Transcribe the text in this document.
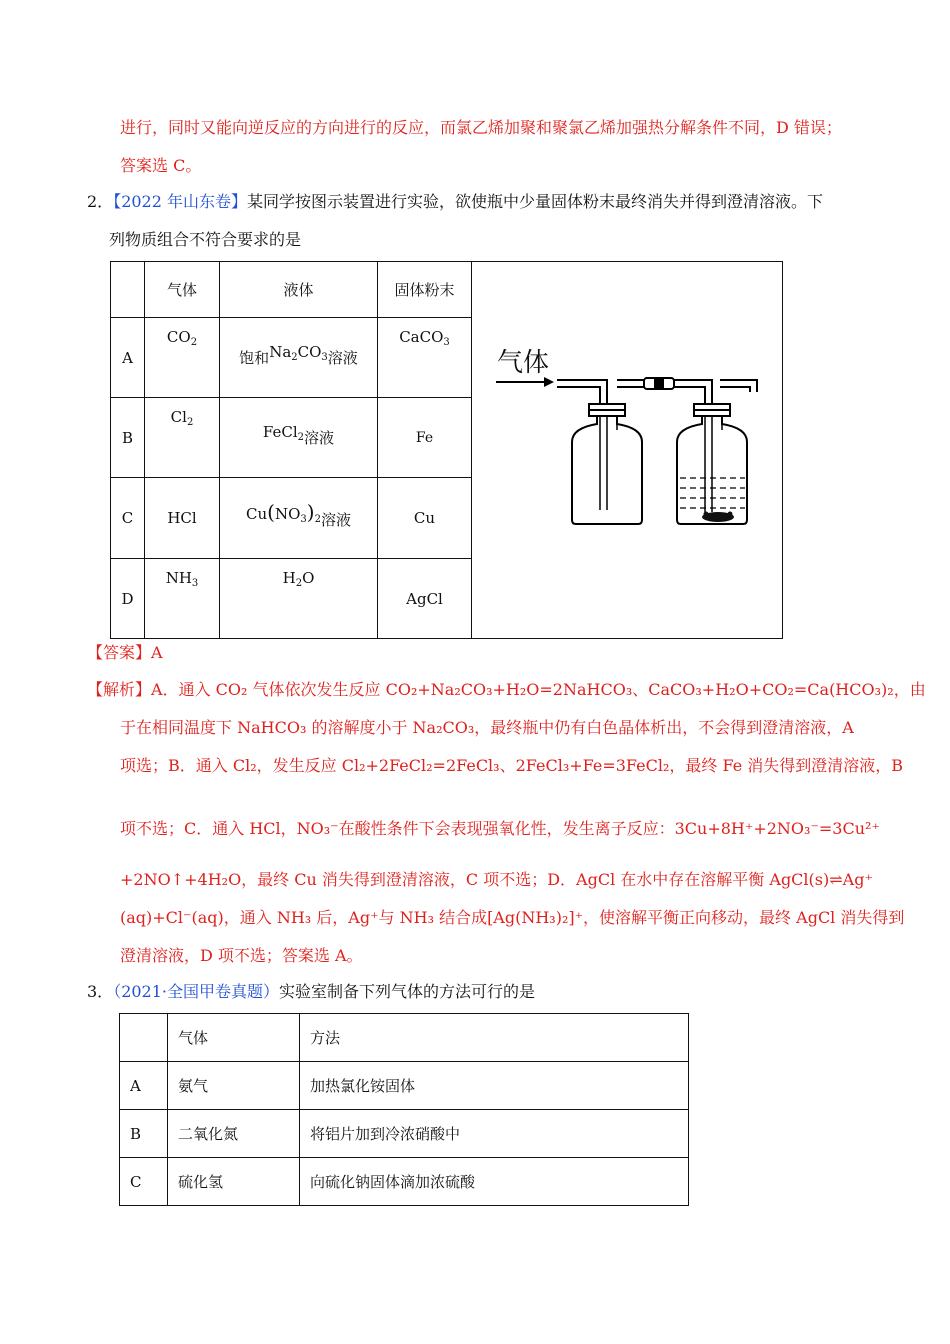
进行，同时又能向逆反应的方向进行的反应，而氯乙烯加聚和聚氯乙烯加强热分解条件不同，D 错误；
答案选 C。
2．【2022 年山东卷】某同学按图示装置进行实验，欲使瓶中少量固体粉末最终消失并得到澄清溶液。下
列物质组合不符合要求的是
	气体	液体	固体粉末	气体

A	$CO_2$	饱和$Na_2CO_3$溶液	CaCO$_3$
B	$Cl_2$	FeCl$_2$溶液	Fe	
C	HCl	$Cu(NO_3)_2$溶液	Cu	
D	$NH_3$	$H_2O$	AgCl	
【答案】A
【解析】A．通入 CO₂ 气体依次发生反应 CO₂+Na₂CO₃+H₂O=2NaHCO₃、CaCO₃+H₂O+CO₂=Ca(HCO₃)₂，由
于在相同温度下 NaHCO₃ 的溶解度小于 Na₂CO₃，最终瓶中仍有白色晶体析出，不会得到澄清溶液，A
项选；B．通入 Cl₂，发生反应 Cl₂+2FeCl₂=2FeCl₃、2FeCl₃+Fe=3FeCl₂，最终 Fe 消失得到澄清溶液，B
项不选；C．通入 HCl，NO₃⁻在酸性条件下会表现强氧化性，发生离子反应：3Cu+8H⁺+2NO₃⁻=3Cu²⁺
+2NO↑+4H₂O，最终 Cu 消失得到澄清溶液，C 项不选；D．AgCl 在水中存在溶解平衡 AgCl(s)⇌Ag⁺
(aq)+Cl⁻(aq)，通入 NH₃ 后，Ag⁺与 NH₃ 结合成[Ag(NH₃)₂]⁺，使溶解平衡正向移动，最终 AgCl 消失得到
澄清溶液，D 项不选；答案选 A。
3．（2021·全国甲卷真题）实验室制备下列气体的方法可行的是
	气体	方法
A	氨气	加热氯化铵固体
B	二氧化氮	将铝片加到冷浓硝酸中
C	硫化氢	向硫化钠固体滴加浓硫酸
